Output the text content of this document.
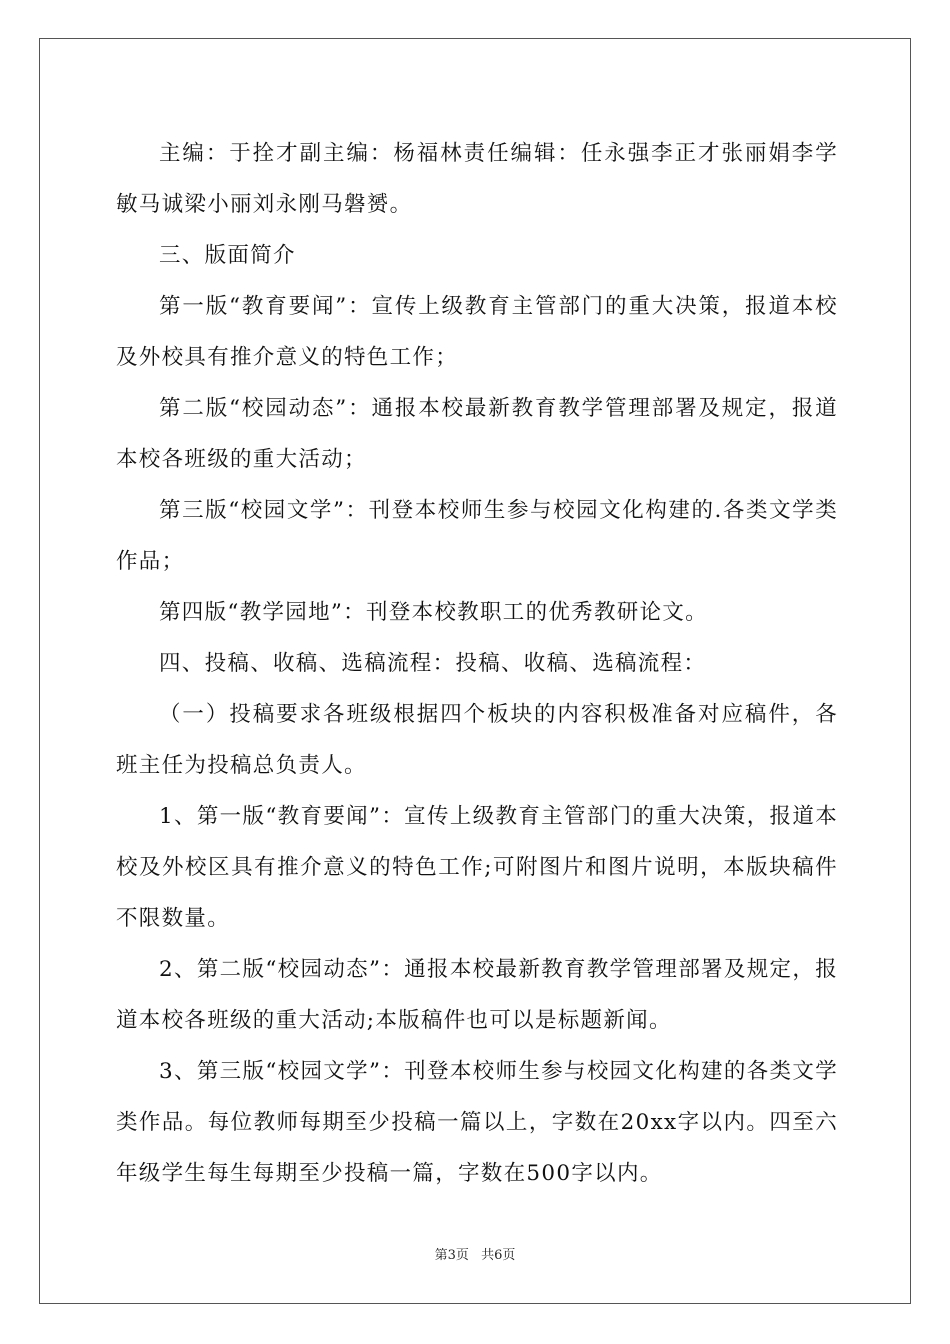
主编：于拴才副主编：杨福林责任编辑：任永强李正才张丽娟李学敏马诚梁小丽刘永刚马磐赟。

三、版面简介

第一版“教育要闻”：宣传上级教育主管部门的重大决策，报道本校及外校具有推介意义的特色工作；

第二版“校园动态”：通报本校最新教育教学管理部署及规定，报道本校各班级的重大活动；

第三版“校园文学”：刊登本校师生参与校园文化构建的.各类文学类作品；

第四版“教学园地”：刊登本校教职工的优秀教研论文。

四、投稿、收稿、选稿流程：投稿、收稿、选稿流程：

（一）投稿要求各班级根据四个板块的内容积极准备对应稿件，各班主任为投稿总负责人。

1、第一版“教育要闻”：宣传上级教育主管部门的重大决策，报道本校及外校区具有推介意义的特色工作;可附图片和图片说明，本版块稿件不限数量。

2、第二版“校园动态”：通报本校最新教育教学管理部署及规定，报道本校各班级的重大活动;本版稿件也可以是标题新闻。

3、第三版“校园文学”：刊登本校师生参与校园文化构建的各类文学类作品。每位教师每期至少投稿一篇以上，字数在20xx字以内。四至六年级学生每生每期至少投稿一篇，字数在500字以内。

第3页 共6页
